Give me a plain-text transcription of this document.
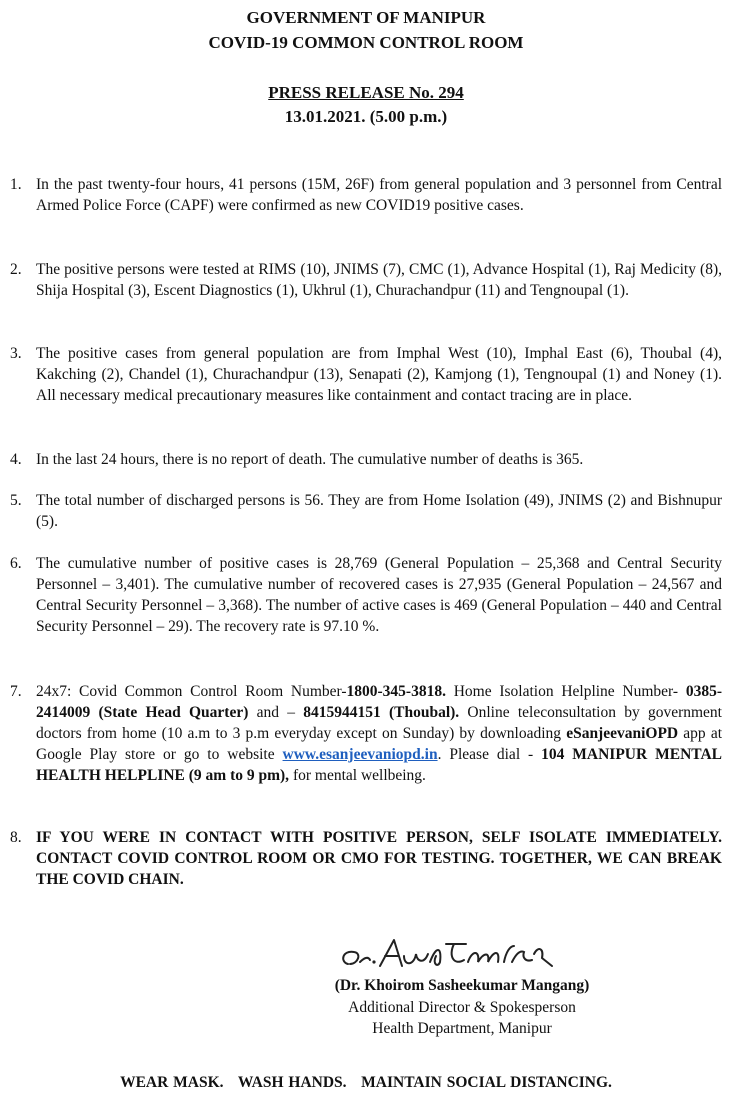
GOVERNMENT OF MANIPUR
COVID-19 COMMON CONTROL ROOM
PRESS RELEASE No. 294
13.01.2021. (5.00 p.m.)
1. In the past twenty-four hours, 41 persons (15M, 26F) from general population and 3 personnel from Central Armed Police Force (CAPF) were confirmed as new COVID19 positive cases.
2. The positive persons were tested at RIMS (10), JNIMS (7), CMC (1), Advance Hospital (1), Raj Medicity (8), Shija Hospital (3), Escent Diagnostics (1), Ukhrul (1), Churachandpur (11) and Tengnoupal (1).
3. The positive cases from general population are from Imphal West (10), Imphal East (6), Thoubal (4), Kakching (2), Chandel (1), Churachandpur (13), Senapati (2), Kamjong (1), Tengnoupal (1) and Noney (1). All necessary medical precautionary measures like containment and contact tracing are in place.
4. In the last 24 hours, there is no report of death. The cumulative number of deaths is 365.
5. The total number of discharged persons is 56. They are from Home Isolation (49), JNIMS (2) and Bishnupur (5).
6. The cumulative number of positive cases is 28,769 (General Population – 25,368 and Central Security Personnel – 3,401). The cumulative number of recovered cases is 27,935 (General Population – 24,567 and Central Security Personnel – 3,368). The number of active cases is 469 (General Population – 440 and Central Security Personnel – 29). The recovery rate is 97.10 %.
7. 24x7: Covid Common Control Room Number-1800-345-3818. Home Isolation Helpline Number- 0385-2414009 (State Head Quarter) and – 8415944151 (Thoubal). Online teleconsultation by government doctors from home (10 a.m to 3 p.m everyday except on Sunday) by downloading eSanjeevaniOPD app at Google Play store or go to website www.esanjeevaniopd.in. Please dial - 104 MANIPUR MENTAL HEALTH HELPLINE (9 am to 9 pm), for mental wellbeing.
8. IF YOU WERE IN CONTACT WITH POSITIVE PERSON, SELF ISOLATE IMMEDIATELY. CONTACT COVID CONTROL ROOM OR CMO FOR TESTING. TOGETHER, WE CAN BREAK THE COVID CHAIN.
(Dr. Khoirom Sasheekumar Mangang)
Additional Director & Spokesperson
Health Department, Manipur
WEAR MASK.   WASH HANDS.   MAINTAIN SOCIAL DISTANCING.
